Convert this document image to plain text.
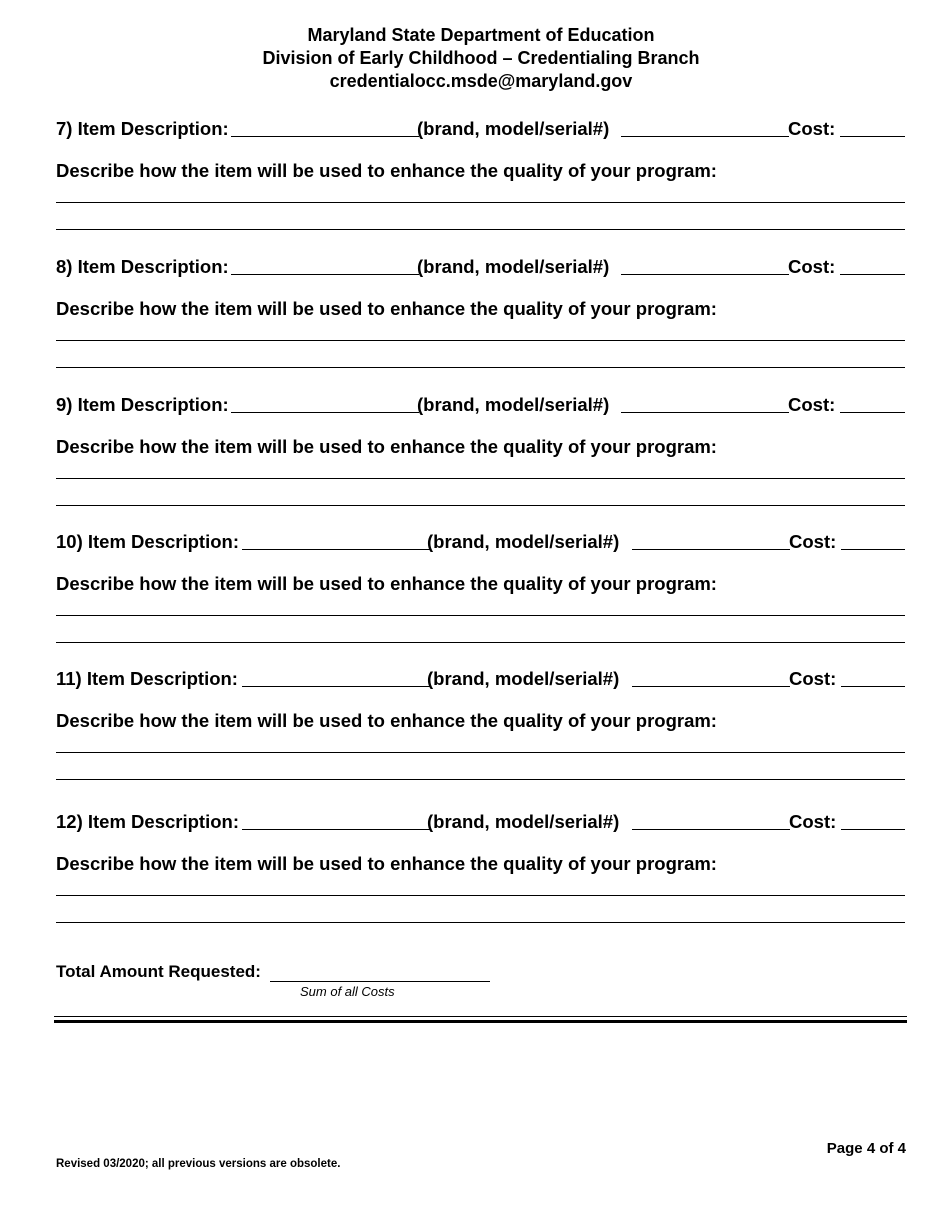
Maryland State Department of Education
Division of Early Childhood – Credentialing Branch
credentialocc.msde@maryland.gov
7) Item Description:	(brand, model/serial#)	Cost:
Describe how the item will be used to enhance the quality of your program:
8) Item Description:	(brand, model/serial#)	Cost:
Describe how the item will be used to enhance the quality of your program:
9) Item Description:	(brand, model/serial#)	Cost:
Describe how the item will be used to enhance the quality of your program:
10) Item Description:	(brand, model/serial#)	Cost:
Describe how the item will be used to enhance the quality of your program:
11) Item Description:	(brand, model/serial#)	Cost:
Describe how the item will be used to enhance the quality of your program:
12) Item Description:	(brand, model/serial#)	Cost:
Describe how the item will be used to enhance the quality of your program:
Total Amount Requested:
Sum of all Costs
Page 4 of 4
Revised 03/2020; all previous versions are obsolete.
